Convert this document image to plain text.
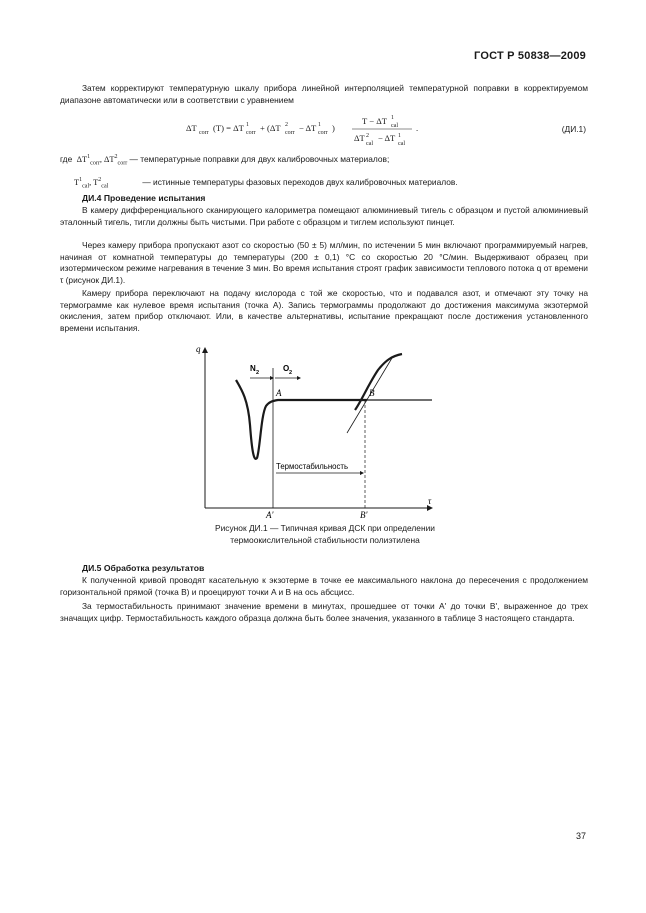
ГОСТ Р 50838—2009

Затем корректируют температурную шкалу прибора линейной интерполяцией температурной поправки в корректируемом диапазоне автоматически или в соответствии с уравнением

ΔT corr (T) = ΔT 1
corr + (ΔT 2
corr − ΔT 1
corr )
T − ΔT 1
cal
ΔT 2
cal
− ΔT 1
cal
.	(ДИ.1)
где  $\Delta T^1_{corr}$, $\Delta T^2_{corr}$ — температурные поправки для двух калибровочных материалов;
$T^1_{cal}$, $T^2_{cal}$	— истинные температуры фазовых переходов двух калибровочных материалов.

ДИ.4 Проведение испытания

В камеру дифференциального сканирующего калориметра помещают алюминиевый тигель с образцом и пустой алюминиевый эталонный тигель, тигли должны быть чистыми. При работе с образцом и тиглем используют пинцет.

Через камеру прибора пропускают азот со скоростью (50 ± 5) мл/мин, по истечении 5 мин включают программируемый нагрев, начиная от комнатной температуры до температуры (200 ± 0,1) °С со скоростью 20 °С/мин. Выдерживают образец при изотермическом режиме нагревания в течение 3 мин. Во время испытания строят график зависимости теплового потока q от времени τ (рисунок ДИ.1).

Камеру прибора переключают на подачу кислорода с той же скоростью, что и подавался азот, и отмечают эту точку на термограмме как нулевое время испытания (точка А). Запись термограммы продолжают до достижения максимума экзотермой окисления, затем прибор отключают. Или, в качестве альтернативы, испытание прекращают после достижения установленного времени испытания.

q
τ
N 2	O 2
A	B
A'	B'
Термостабильность
Рисунок ДИ.1 — Типичная кривая ДСК при определении термоокислительной стабильности полиэтилена

ДИ.5 Обработка результатов

К полученной кривой проводят касательную к экзотерме в точке ее максимального наклона до пересечения с продолжением горизонтальной прямой (точка B) и проецируют точки A и B на ось абсцисс.

За термостабильность принимают значение времени в минутах, прошедшее от точки A' до точки B', выраженное до трех значащих цифр. Термостабильность каждого образца должна быть более значения, указанного в таблице 3 настоящего стандарта.

37
